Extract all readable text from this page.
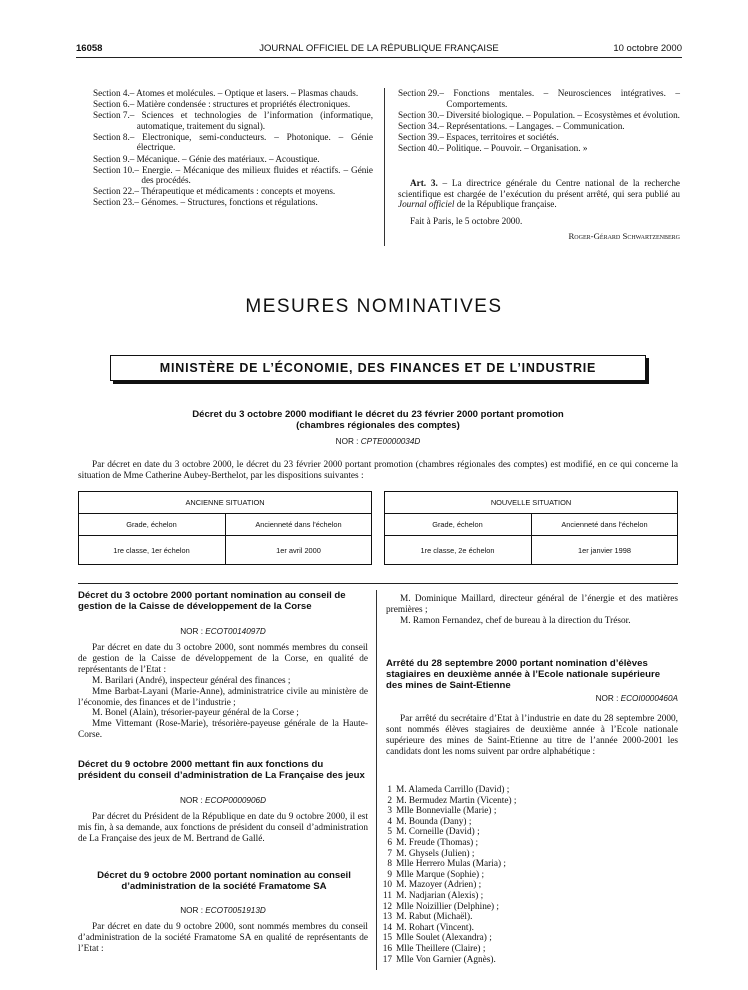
16058	JOURNAL OFFICIEL DE LA RÉPUBLIQUE FRANÇAISE	10 octobre 2000
Section 4. – Atomes et molécules. – Optique et lasers. – Plasmas chauds.
Section 6. – Matière condensée : structures et propriétés électroniques.
Section 7. – Sciences et technologies de l’information (informatique, automatique, traitement du signal).
Section 8. – Electronique, semi-conducteurs. – Photonique. – Génie électrique.
Section 9. – Mécanique. – Génie des matériaux. – Acoustique.
Section 10. – Energie. – Mécanique des milieux fluides et réactifs. – Génie des procédés.
Section 22. – Thérapeutique et médicaments : concepts et moyens.
Section 23. – Génomes. – Structures, fonctions et régulations.
Section 29. – Fonctions mentales. – Neurosciences intégratives. – Comportements.
Section 30. – Diversité biologique. – Population. – Ecosystèmes et évolution.
Section 34. – Représentations. – Langages. – Communication.
Section 39. – Espaces, territoires et sociétés.
Section 40. – Politique. – Pouvoir. – Organisation. »

Art. 3. – La directrice générale du Centre national de la recherche scientifique est chargée de l’exécution du présent arrêté, qui sera publié au Journal officiel de la République française.

Fait à Paris, le 5 octobre 2000.

Roger-Gérard Schwartzenberg

MESURES NOMINATIVES
MINISTÈRE DE L’ÉCONOMIE, DES FINANCES ET DE L’INDUSTRIE
Décret du 3 octobre 2000 modifiant le décret du 23 février 2000 portant promotion
(chambres régionales des comptes)
NOR : CPTE0000034D

Par décret en date du 3 octobre 2000, le décret du 23 février 2000 portant promotion (chambres régionales des comptes) est modifié, en ce qui concerne la situation de Mme Catherine Aubey-Berthelot, par les dispositions suivantes :

ANCIENNE SITUATION	NOUVELLE SITUATION
Grade, échelon	Ancienneté dans l’échelon	Grade, échelon	Ancienneté dans l’échelon
1re classe, 1er échelon	1er avril 2000	1re classe, 2e échelon	1er janvier 1998
Décret du 3 octobre 2000 portant nomination au conseil de gestion de la Caisse de développement de la Corse
NOR : ECOT0014097D

Par décret en date du 3 octobre 2000, sont nommés membres du conseil de gestion de la Caisse de développement de la Corse, en qualité de représentants de l’Etat :

M. Barilari (André), inspecteur général des finances ;

Mme Barbat-Layani (Marie-Anne), administratrice civile au ministère de l’économie, des finances et de l’industrie ;

M. Bonel (Alain), trésorier-payeur général de la Corse ;

Mme Vittemant (Rose-Marie), trésorière-payeuse générale de la Haute-Corse.

Décret du 9 octobre 2000 mettant fin aux fonctions du président du conseil d’administration de La Française des jeux
NOR : ECOP0000906D

Par décret du Président de la République en date du 9 octobre 2000, il est mis fin, à sa demande, aux fonctions de président du conseil d’administration de La Française des jeux de M. Bertrand de Gallé.

Décret du 9 octobre 2000 portant nomination au conseil d’administration de la société Framatome SA
NOR : ECOT0051913D

Par décret en date du 9 octobre 2000, sont nommés membres du conseil d’administration de la société Framatome SA en qualité de représentants de l’Etat :

M. Dominique Maillard, directeur général de l’énergie et des matières premières ;

M. Ramon Fernandez, chef de bureau à la direction du Trésor.

Arrêté du 28 septembre 2000 portant nomination d’élèves stagiaires en deuxième année à l’Ecole nationale supérieure des mines de Saint-Etienne
NOR : ECOI0000460A

Par arrêté du secrétaire d’Etat à l’industrie en date du 28 septembre 2000, sont nommés élèves stagiaires de deuxième année à l’Ecole nationale supérieure des mines de Saint-Etienne au titre de l’année 2000-2001 les candidats dont les noms suivent par ordre alphabétique :

1 M. Alameda Carrillo (David) ;
2 M. Bermudez Martin (Vicente) ;
3 Mlle Bonnevialle (Marie) ;
4 M. Bounda (Dany) ;
5 M. Corneille (David) ;
6 M. Freude (Thomas) ;
7 M. Ghysels (Julien) ;
8 Mlle Herrero Mulas (Maria) ;
9 Mlle Marque (Sophie) ;
10 M. Mazoyer (Adrien) ;
11 M. Nadjarian (Alexis) ;
12 Mlle Noizillier (Delphine) ;
13 M. Rabut (Michaël).
14 M. Rohart (Vincent).
15 Mlle Soulet (Alexandra) ;
16 Mlle Theillere (Claire) ;
17 Mlle Von Garnier (Agnès).
